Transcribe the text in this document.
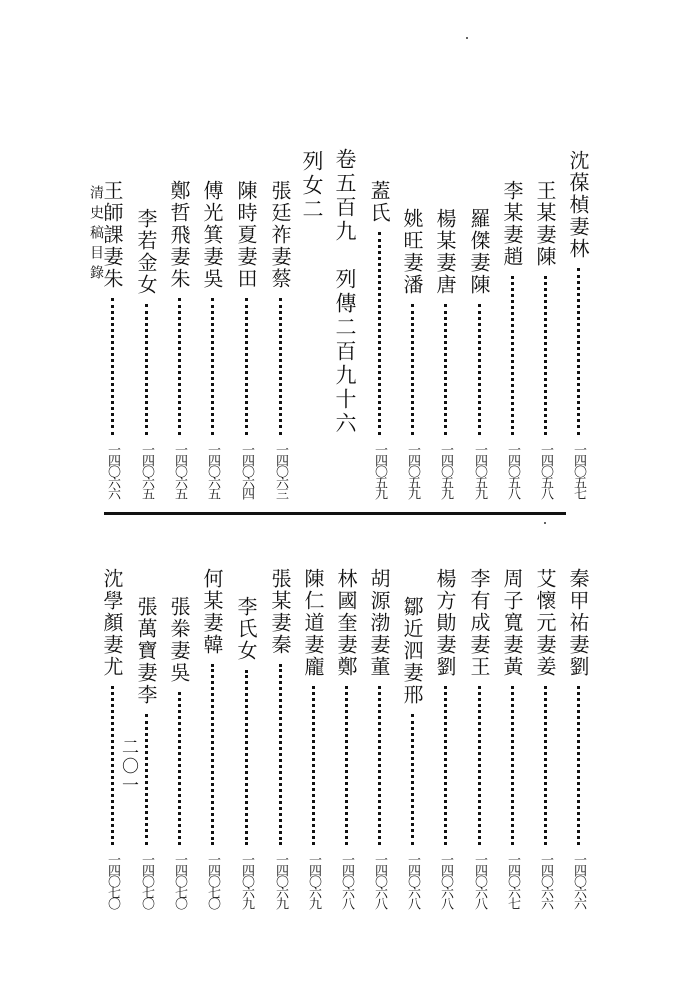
清史稿目錄	沈葆楨妻林
一四〇五七
王某妻陳
一四〇五八
李某妻趙
一四〇五八
羅傑妻陳
一四〇五九
楊某妻唐
一四〇五九
姚旺妻潘
一四〇五九
蓋氏
一四〇五九
卷五百九　列傳二百九十六
列女二
張廷祚妻蔡
一四〇六三
陳時夏妻田
一四〇六四
傅光箕妻吳
一四〇六五
鄭哲飛妻朱
一四〇六五
李若金女
一四〇六五
王師課妻朱
一四〇六六
秦甲祐妻劉
一四〇六六
艾懷元妻姜
一四〇六六
周子寬妻黃
一四〇六七
李有成妻王
一四〇六八
楊方勛妻劉
一四〇六八
鄒近泗妻邢
一四〇六八
胡源渤妻董
一四〇六八
林國奎妻鄭
一四〇六八
陳仁道妻龐
一四〇六九
張某妻秦
一四〇六九
李氏女
一四〇六九
何某妻韓
一四〇七〇
張桊妻吳
一四〇七〇
張萬寶妻李
一四〇七〇
沈學顏妻尤
一四〇七〇
二〇一
